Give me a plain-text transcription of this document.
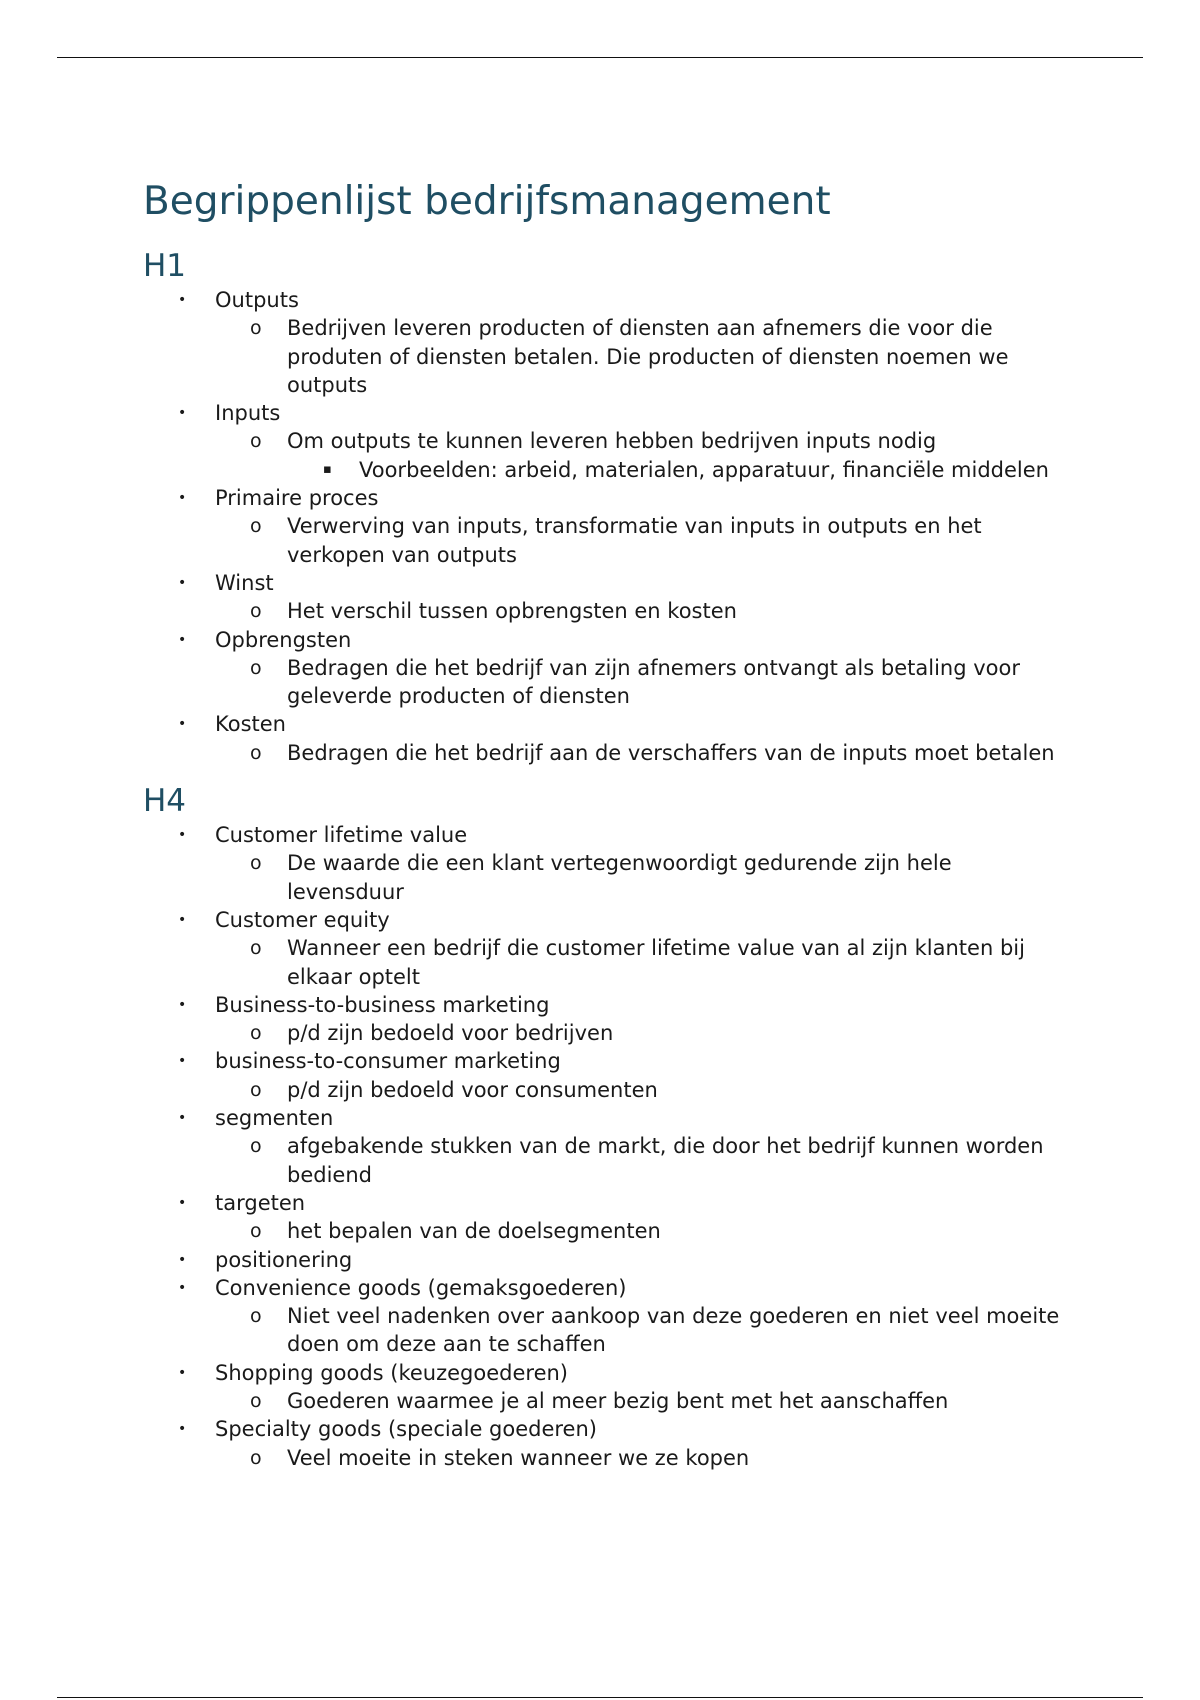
Begrippenlijst bedrijfsmanagement
H1
• Outputs
o Bedrijven leveren producten of diensten aan afnemers die voor die produten of diensten betalen. Die producten of diensten noemen we outputs
• Inputs
o Om outputs te kunnen leveren hebben bedrijven inputs nodig
▪ Voorbeelden: arbeid, materialen, apparatuur, financiële middelen
• Primaire proces
o Verwerving van inputs, transformatie van inputs in outputs en het verkopen van outputs
• Winst
o Het verschil tussen opbrengsten en kosten
• Opbrengsten
o Bedragen die het bedrijf van zijn afnemers ontvangt als betaling voor geleverde producten of diensten
• Kosten
o Bedragen die het bedrijf aan de verschaffers van de inputs moet betalen
H4
• Customer lifetime value
o De waarde die een klant vertegenwoordigt gedurende zijn hele levensduur
• Customer equity
o Wanneer een bedrijf die customer lifetime value van al zijn klanten bij elkaar optelt
• Business-to-business marketing
o p/d zijn bedoeld voor bedrijven
• business-to-consumer marketing
o p/d zijn bedoeld voor consumenten
• segmenten
o afgebakende stukken van de markt, die door het bedrijf kunnen worden bediend
• targeten
o het bepalen van de doelsegmenten
• positionering
• Convenience goods (gemaksgoederen)
o Niet veel nadenken over aankoop van deze goederen en niet veel moeite doen om deze aan te schaffen
• Shopping goods (keuzegoederen)
o Goederen waarmee je al meer bezig bent met het aanschaffen
• Specialty goods (speciale goederen)
o Veel moeite in steken wanneer we ze kopen
